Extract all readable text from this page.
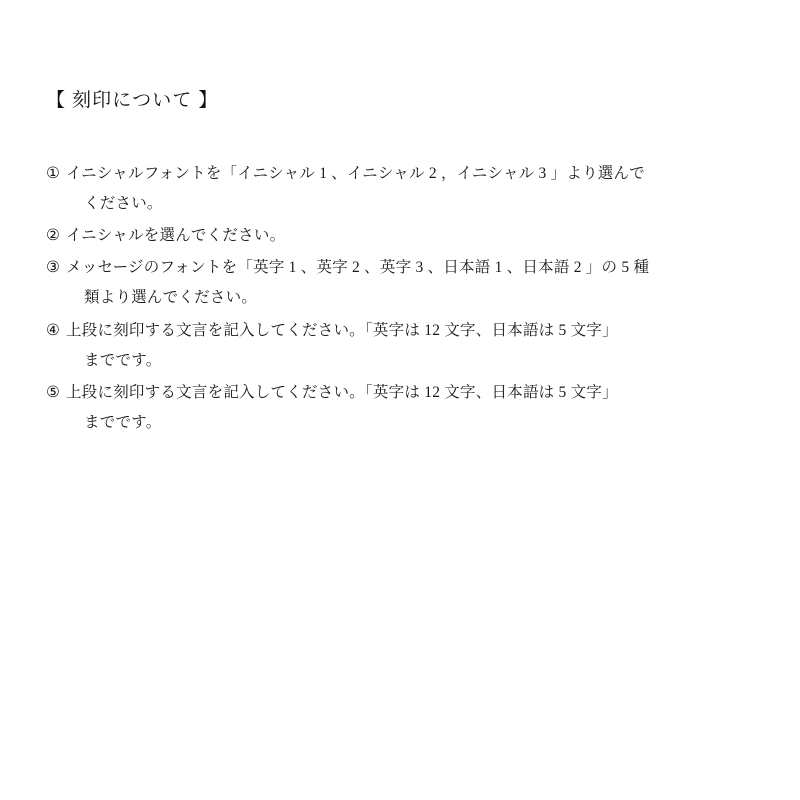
【 刻印について 】
① イニシャルフォントを「イニシャル 1 、イニシャル 2 ，イニシャル 3 」より選んで
ください。
② イニシャルを選んでください。
③ メッセージのフォントを「英字 1 、英字 2 、英字 3 、日本語 1 、日本語 2 」の 5 種
類より選んでください。
④ 上段に刻印する文言を記入してください。「英字は 12 文字、日本語は 5 文字」
までです。
⑤ 上段に刻印する文言を記入してください。「英字は 12 文字、日本語は 5 文字」
までです。
